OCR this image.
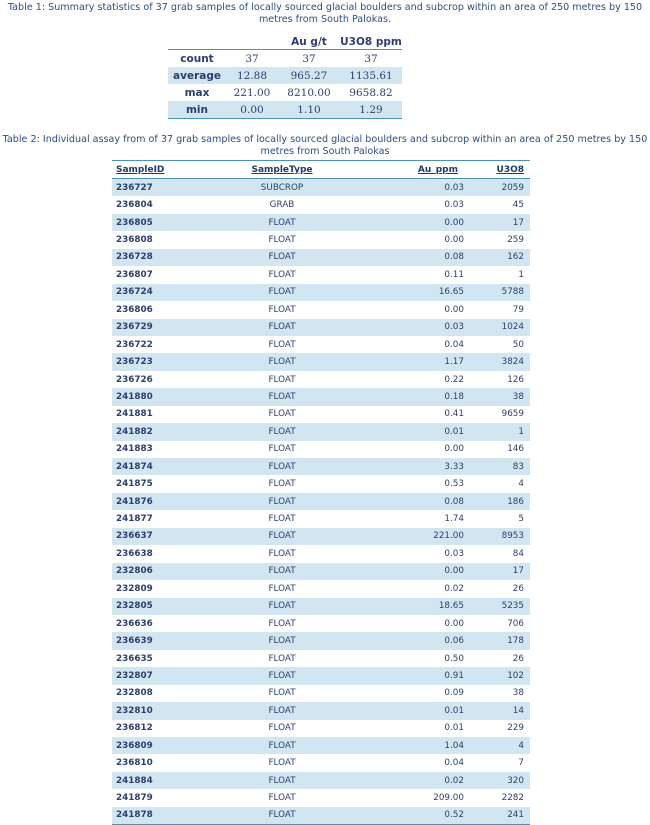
Table 1: Summary statistics of 37 grab samples of locally sourced glacial boulders and subcrop within an area of 250 metres by 150
metres from South Palokas.
		Au g/t	U3O8 ppm
count	37	37	37
average	12.88	965.27	1135.61
max	221.00	8210.00	9658.82
min	0.00	1.10	1.29
Table 2: Individual assay from of 37 grab samples of locally sourced glacial boulders and subcrop within an area of 250 metres by 150
metres from South Palokas
SampleID	SampleType	Au_ppm	U3O8
236727	SUBCROP	0.03	2059
236804	GRAB	0.03	45
236805	FLOAT	0.00	17
236808	FLOAT	0.00	259
236728	FLOAT	0.08	162
236807	FLOAT	0.11	1
236724	FLOAT	16.65	5788
236806	FLOAT	0.00	79
236729	FLOAT	0.03	1024
236722	FLOAT	0.04	50
236723	FLOAT	1.17	3824
236726	FLOAT	0.22	126
241880	FLOAT	0.18	38
241881	FLOAT	0.41	9659
241882	FLOAT	0.01	1
241883	FLOAT	0.00	146
241874	FLOAT	3.33	83
241875	FLOAT	0.53	4
241876	FLOAT	0.08	186
241877	FLOAT	1.74	5
236637	FLOAT	221.00	8953
236638	FLOAT	0.03	84
232806	FLOAT	0.00	17
232809	FLOAT	0.02	26
232805	FLOAT	18.65	5235
236636	FLOAT	0.00	706
236639	FLOAT	0.06	178
236635	FLOAT	0.50	26
232807	FLOAT	0.91	102
232808	FLOAT	0.09	38
232810	FLOAT	0.01	14
236812	FLOAT	0.01	229
236809	FLOAT	1.04	4
236810	FLOAT	0.04	7
241884	FLOAT	0.02	320
241879	FLOAT	209.00	2282
241878	FLOAT	0.52	241
